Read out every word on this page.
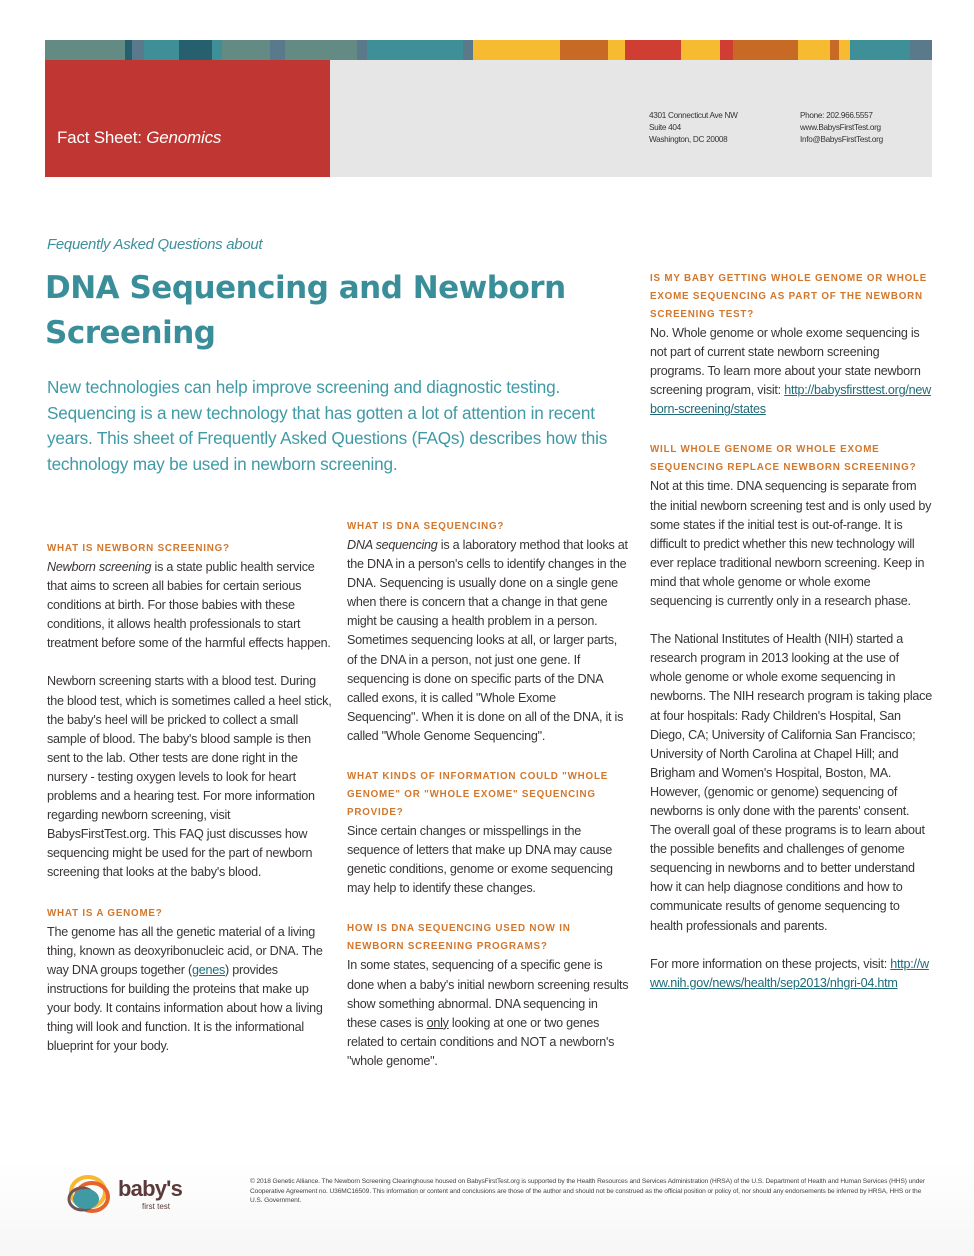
Fact Sheet: Genomics
4301 Connecticut Ave NW
Suite 404
Washington, DC 20008
Phone: 202.966.5557
www.BabysFirstTest.org
Info@BabysFirstTest.org
Fequently Asked Questions about
DNA Sequencing and Newborn Screening
New technologies can help improve screening and diagnostic testing. Sequencing is a new technology that has gotten a lot of attention in recent years. This sheet of Frequently Asked Questions (FAQs) describes how this technology may be used in newborn screening.
WHAT IS NEWBORN SCREENING?

Newborn screening is a state public health service that aims to screen all babies for certain serious conditions at birth. For those babies with these conditions, it allows health professionals to start treatment before some of the harmful effects happen.

Newborn screening starts with a blood test. During the blood test, which is sometimes called a heel stick, the baby's heel will be pricked to collect a small sample of blood. The baby's blood sample is then sent to the lab. Other tests are done right in the nursery - testing oxygen levels to look for heart problems and a hearing test. For more information regarding newborn screening, visit BabysFirstTest.org. This FAQ just discusses how sequencing might be used for the part of newborn screening that looks at the baby's blood.

WHAT IS A GENOME?

The genome has all the genetic material of a living thing, known as deoxyribonucleic acid, or DNA. The way DNA groups together (genes) provides instructions for building the proteins that make up your body. It contains information about how a living thing will look and function. It is the informational blueprint for your body.

WHAT IS DNA SEQUENCING?

DNA sequencing is a laboratory method that looks at the DNA in a person's cells to identify changes in the DNA. Sequencing is usually done on a single gene when there is concern that a change in that gene might be causing a health problem in a person. Sometimes sequencing looks at all, or larger parts, of the DNA in a person, not just one gene. If sequencing is done on specific parts of the DNA called exons, it is called "Whole Exome Sequencing". When it is done on all of the DNA, it is called "Whole Genome Sequencing".

WHAT KINDS OF INFORMATION COULD "WHOLE GENOME" OR "WHOLE EXOME" SEQUENCING PROVIDE?

Since certain changes or misspellings in the sequence of letters that make up DNA may cause genetic conditions, genome or exome sequencing may help to identify these changes.

HOW IS DNA SEQUENCING USED NOW IN NEWBORN SCREENING PROGRAMS?

In some states, sequencing of a specific gene is done when a baby's initial newborn screening results show something abnormal. DNA sequencing in these cases is only looking at one or two genes related to certain conditions and NOT a newborn's "whole genome".

IS MY BABY GETTING WHOLE GENOME OR WHOLE EXOME SEQUENCING AS PART OF THE NEWBORN SCREENING TEST?

No. Whole genome or whole exome sequencing is not part of current state newborn screening programs. To learn more about your state newborn screening program, visit: http://babysfirsttest.org/newborn-screening/states

WILL WHOLE GENOME OR WHOLE EXOME SEQUENCING REPLACE NEWBORN SCREENING?

Not at this time. DNA sequencing is separate from the initial newborn screening test and is only used by some states if the initial test is out-of-range. It is difficult to predict whether this new technology will ever replace traditional newborn screening. Keep in mind that whole genome or whole exome sequencing is currently only in a research phase.

The National Institutes of Health (NIH) started a research program in 2013 looking at the use of whole genome or whole exome sequencing in newborns. The NIH research program is taking place at four hospitals: Rady Children's Hospital, San Diego, CA; University of California San Francisco; University of North Carolina at Chapel Hill; and Brigham and Women's Hospital, Boston, MA. However, (genomic or genome) sequencing of newborns is only done with the parents' consent. The overall goal of these programs is to learn about the possible benefits and challenges of genome sequencing in newborns and to better understand how it can help diagnose conditions and how to communicate results of genome sequencing to health professionals and parents.

For more information on these projects, visit: http://www.nih.gov/news/health/sep2013/nhgri-04.htm

baby's
first test
© 2018 Genetic Alliance. The Newborn Screening Clearinghouse housed on BabysFirstTest.org is supported by the Health Resources and Services Administration (HRSA) of the U.S. Department of Health and Human Services (HHS) under Cooperative Agreement no. U36MC16509. This information or content and conclusions are those of the author and should not be construed as the official position or policy of, nor should any endorsements be inferred by HRSA, HHS or the U.S. Government.
